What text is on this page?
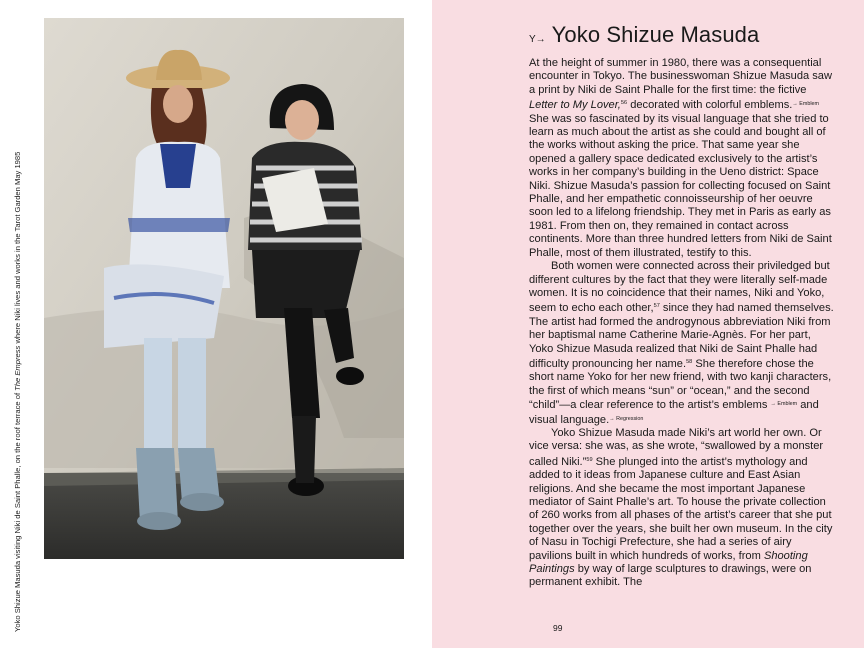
Yoko Shizue Masuda visiting Niki de Saint Phalle, on the roof terrace of The Empress where Niki lives and works in the Tarot Garden May 1985
Y→ Yoko Shizue Masuda

At the height of summer in 1980, there was a consequential encounter in Tokyo. The businesswoman Shizue Masuda saw a print by Niki de Saint Phalle for the first time: the fictive Letter to My Lover,$^{56}$ decorated with colorful emblems.$^{\to Emblem}$ She was so fascinated by its visual language that she tried to learn as much about the artist as she could and bought all of the works without asking the price. That same year she opened a gallery space dedicated exclusively to the artist’s works in her company’s building in the Ueno district: Space Niki. Shizue Masuda’s passion for collecting focused on Saint Phalle, and her empathetic connoisseurship of her oeuvre soon led to a lifelong friendship. They met in Paris as early as 1981. From then on, they remained in contact across continents. More than three hundred letters from Niki de Saint Phalle, most of them illustrated, testify to this.

Both women were connected across their priviledged but different cultures by the fact that they were literally self-made women. It is no coincidence that their names, Niki and Yoko, seem to echo each other,$^{57}$ since they had named themselves. The artist had formed the androgynous abbreviation Niki from her baptismal name Catherine Marie-Agnès. For her part, Yoko Shizue Masuda realized that Niki de Saint Phalle had difficulty pronouncing her name.$^{58}$ She therefore chose the short name Yoko for her new friend, with two kanji characters, the first of which means “sun” or “ocean,” and the second “child”—a clear reference to the artist’s emblems $^{\to Emblem}$ and visual language.$^{\to Regression}$

Yoko Shizue Masuda made Niki’s art world her own. Or vice versa: she was, as she wrote, “swallowed by a monster called Niki.”$^{59}$ She plunged into the artist’s mythology and added to it ideas from Japanese culture and East Asian religions. And she became the most important Japanese mediator of Saint Phalle’s art. To house the private collection of 260 works from all phases of the artist’s career that she put together over the years, she built her own museum. In the city of Nasu in Tochigi Prefecture, she had a series of airy pavilions built in which hundreds of works, from Shooting Paintings by way of large sculptures to drawings, were on permanent exhibit. The

99
